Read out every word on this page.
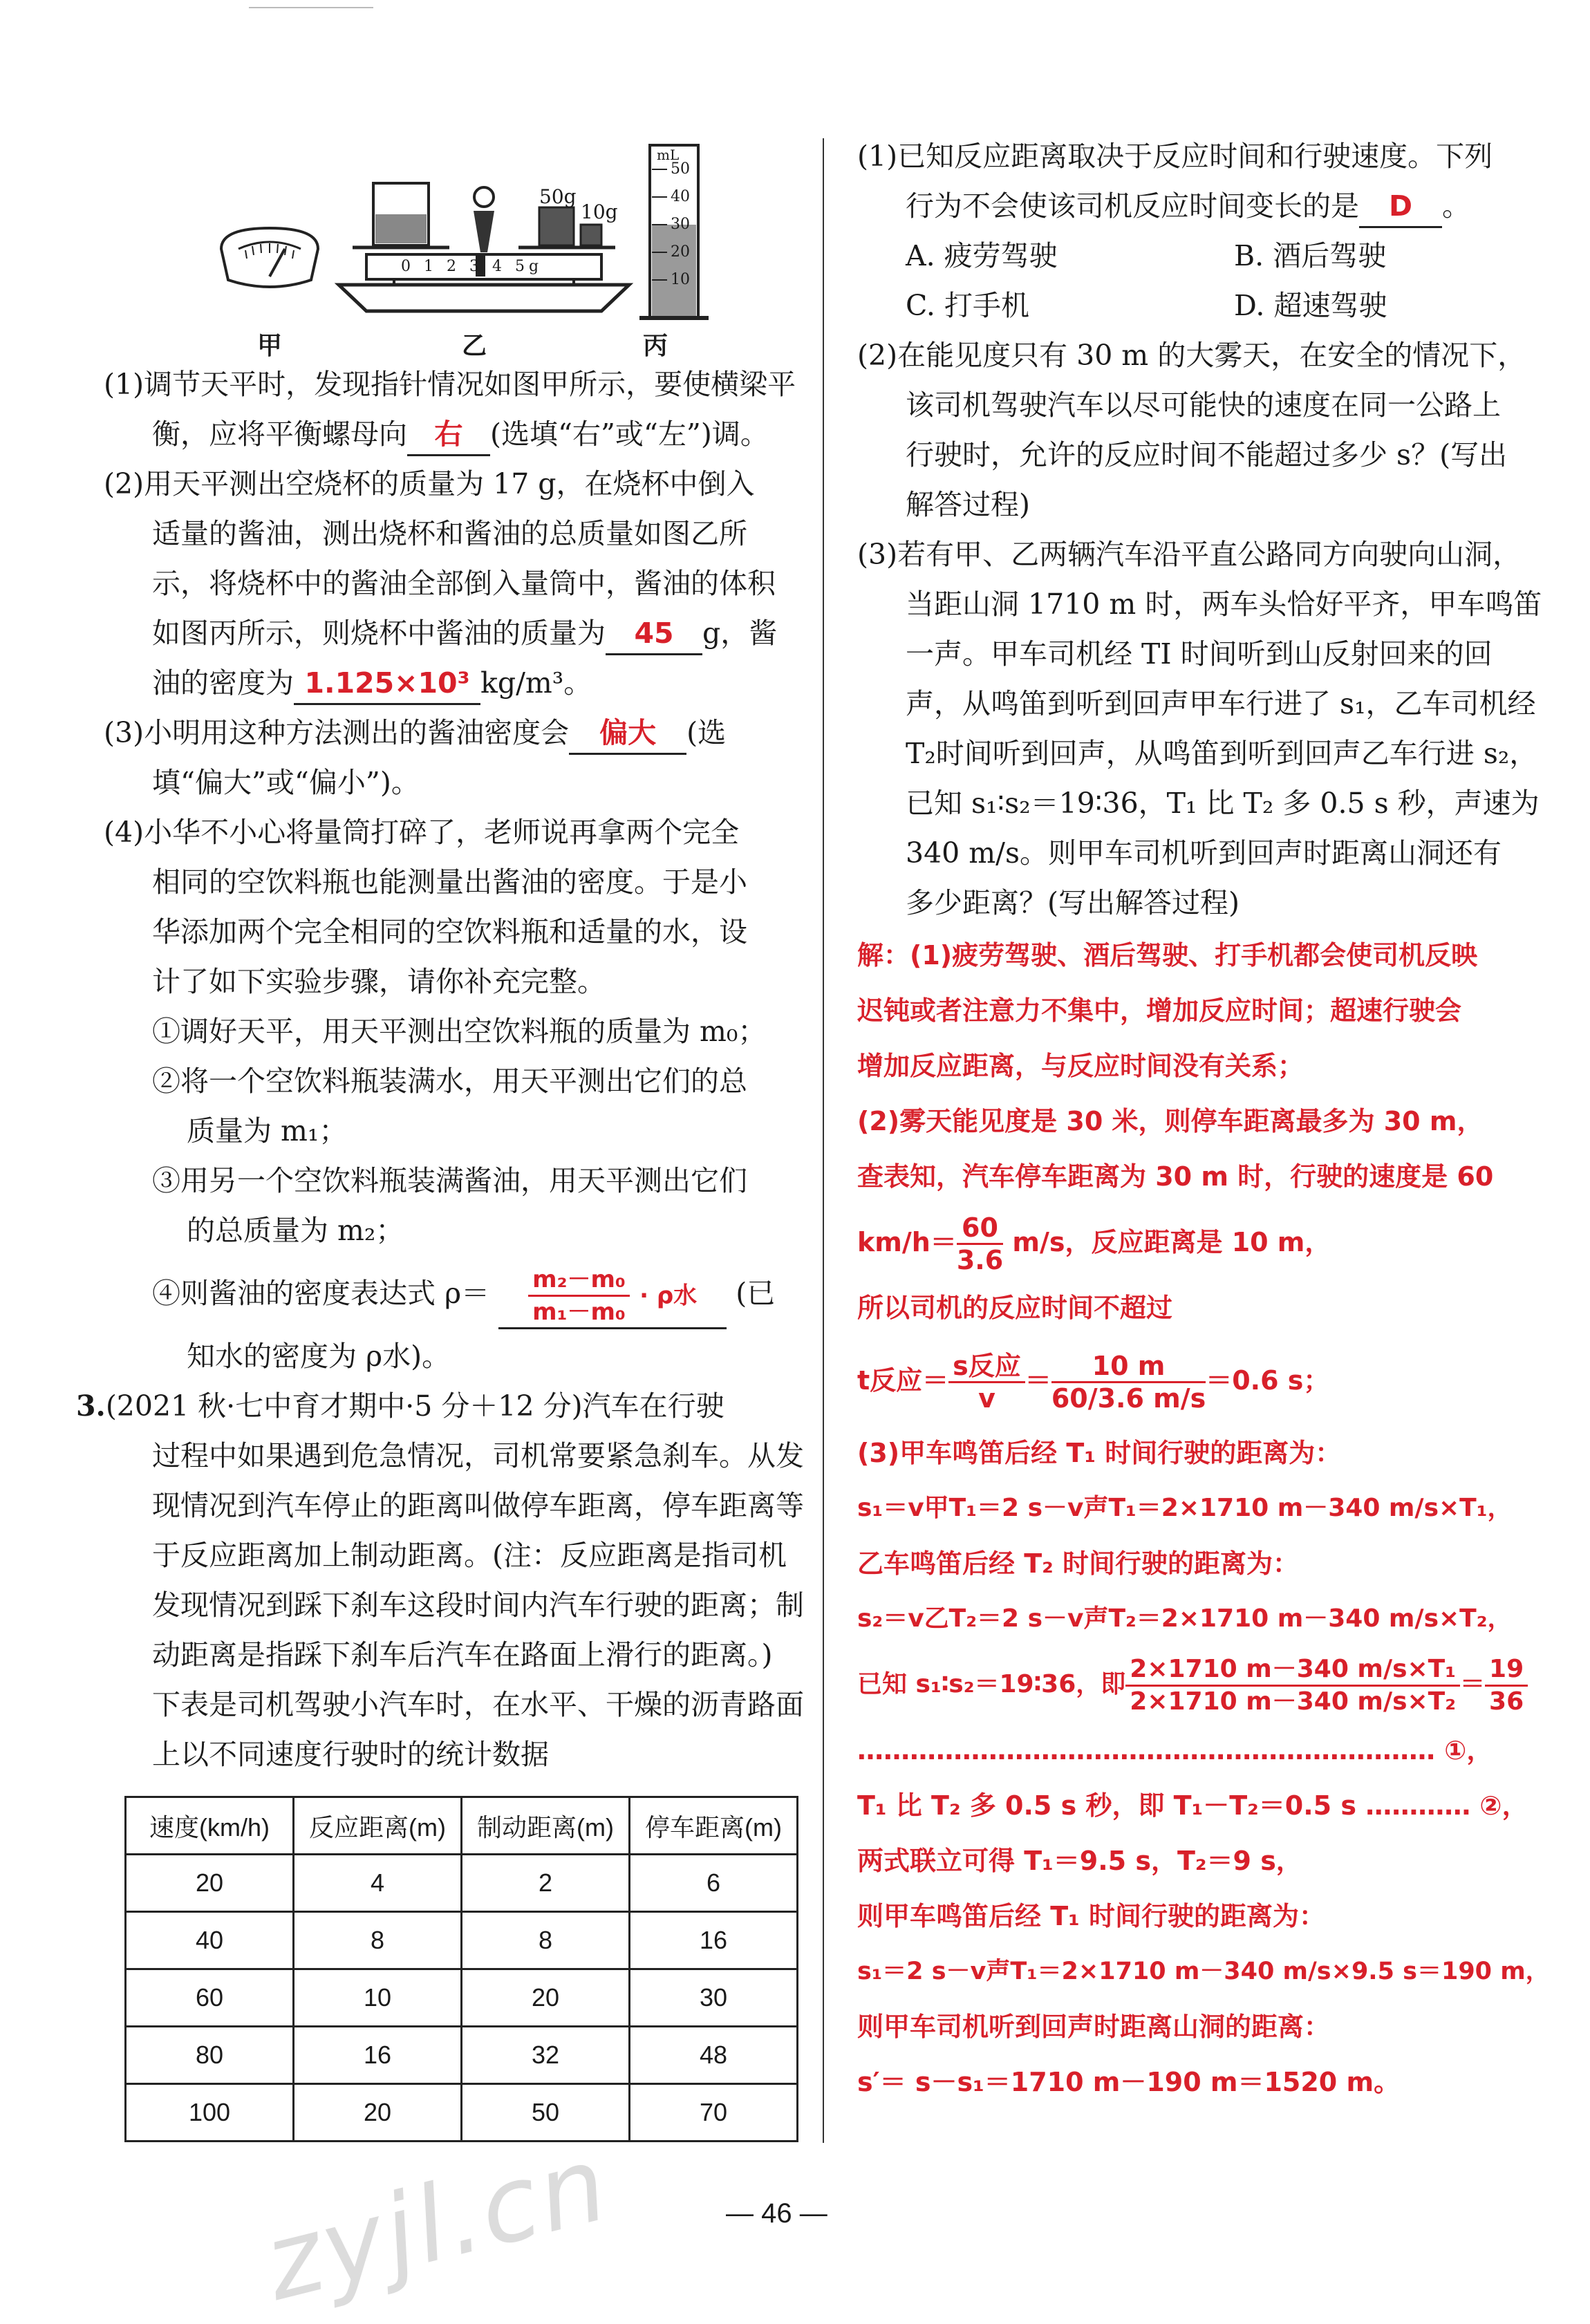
50g
10g
0 1 2 3 4 5g
mL
50
40
30
20
10
甲	乙	丙

(1)调节天平时，发现指针情况如图甲所示，要使横梁平

衡，应将平衡螺母向 右 (选填“右”或“左”)调。

(2)用天平测出空烧杯的质量为 17 g，在烧杯中倒入

适量的酱油，测出烧杯和酱油的总质量如图乙所

示，将烧杯中的酱油全部倒入量筒中，酱油的体积

如图丙所示，则烧杯中酱油的质量为 45 g，酱

油的密度为 1.125×10³ kg/m³。

(3)小明用这种方法测出的酱油密度会 偏大 (选

填“偏大”或“偏小”)。

(4)小华不小心将量筒打碎了，老师说再拿两个完全

相同的空饮料瓶也能测量出酱油的密度。于是小

华添加两个完全相同的空饮料瓶和适量的水，设

计了如下实验步骤，请你补充完整。

①调好天平，用天平测出空饮料瓶的质量为 m₀；

②将一个空饮料瓶装满水，用天平测出它们的总

质量为 m₁；

③用另一个空饮料瓶装满酱油，用天平测出它们

的总质量为 m₂；

④则酱油的密度表达式 $\rho= \frac{\text{m₂－m₀}}{\text{m₁－m₀}} \cdot \rho$水 (已

知水的密度为 ρ水)。

3.(2021 秋·七中育才期中·5 分＋12 分)汽车在行驶

过程中如果遇到危急情况，司机常要紧急刹车。从发

现情况到汽车停止的距离叫做停车距离，停车距离等

于反应距离加上制动距离。(注：反应距离是指司机

发现情况到踩下刹车这段时间内汽车行驶的距离；制

动距离是指踩下刹车后汽车在路面上滑行的距离。)

下表是司机驾驶小汽车时，在水平、干燥的沥青路面

上以不同速度行驶时的统计数据

速度(km/h)	反应距离(m)	制动距离(m)	停车距离(m)
20	4	2	6
40	8	8	16
60	10	20	30
80	16	32	48
100	20	50	70

(1)已知反应距离取决于反应时间和行驶速度。下列

行为不会使该司机反应时间变长的是 D 。

A. 疲劳驾驶	B. 酒后驾驶
C. 打手机	D. 超速驾驶

(2)在能见度只有 30 m 的大雾天，在安全的情况下，

该司机驾驶汽车以尽可能快的速度在同一公路上

行驶时，允许的反应时间不能超过多少 s？(写出

解答过程)

(3)若有甲、乙两辆汽车沿平直公路同方向驶向山洞，

当距山洞 1710 m 时，两车头恰好平齐，甲车鸣笛

一声。甲车司机经 TI 时间听到山反射回来的回

声，从鸣笛到听到回声甲车行进了 s₁，乙车司机经

T₂时间听到回声，从鸣笛到听到回声乙车行进 s₂，

已知 s₁∶s₂＝19∶36，T₁ 比 T₂ 多 0.5 s 秒，声速为

340 m/s。则甲车司机听到回声时距离山洞还有

多少距离？(写出解答过程)

解：(1)疲劳驾驶、酒后驾驶、打手机都会使司机反映

迟钝或者注意力不集中，增加反应时间；超速行驶会

增加反应距离，与反应时间没有关系；

(2)雾天能见度是 30 米，则停车距离最多为 30 m，

查表知，汽车停车距离为 30 m 时，行驶的速度是 60

$km/h= \frac{60}{3.6} m/s$，反应距离是 10 m，

所以司机的反应时间不超过

t反应＝ $\frac{\text{s反应}}{v} = \frac{10 m}{60/3.6 m/s} =0.6$ s；

(3)甲车鸣笛后经 T₁ 时间行驶的距离为：

s₁＝v甲T₁＝2 s－v声T₁＝2×1710 m－340 m/s×T₁，

乙车鸣笛后经 T₂ 时间行驶的距离为：

s₂＝v乙T₂＝2 s－v声T₂＝2×1710 m－340 m/s×T₂，

已知 s₁∶s₂＝19∶36，即 $\frac{\text{2×1710 m－340 m/s×T₁}}{\text{2×1710 m－340 m/s×T₂}} = \frac{19}{36}$

………………………………………………………… ①，

T₁ 比 T₂ 多 0.5 s 秒，即 T₁－T₂＝0.5 s ………… ②，

两式联立可得 T₁＝9.5 s，T₂＝9 s，

则甲车鸣笛后经 T₁ 时间行驶的距离为：

s₁＝2 s－v声T₁＝2×1710 m－340 m/s×9.5 s＝190 m，

则甲车司机听到回声时距离山洞的距离：

s′＝ s－s₁＝1710 m－190 m＝1520 m。

zyjl.cn	— 46 —
